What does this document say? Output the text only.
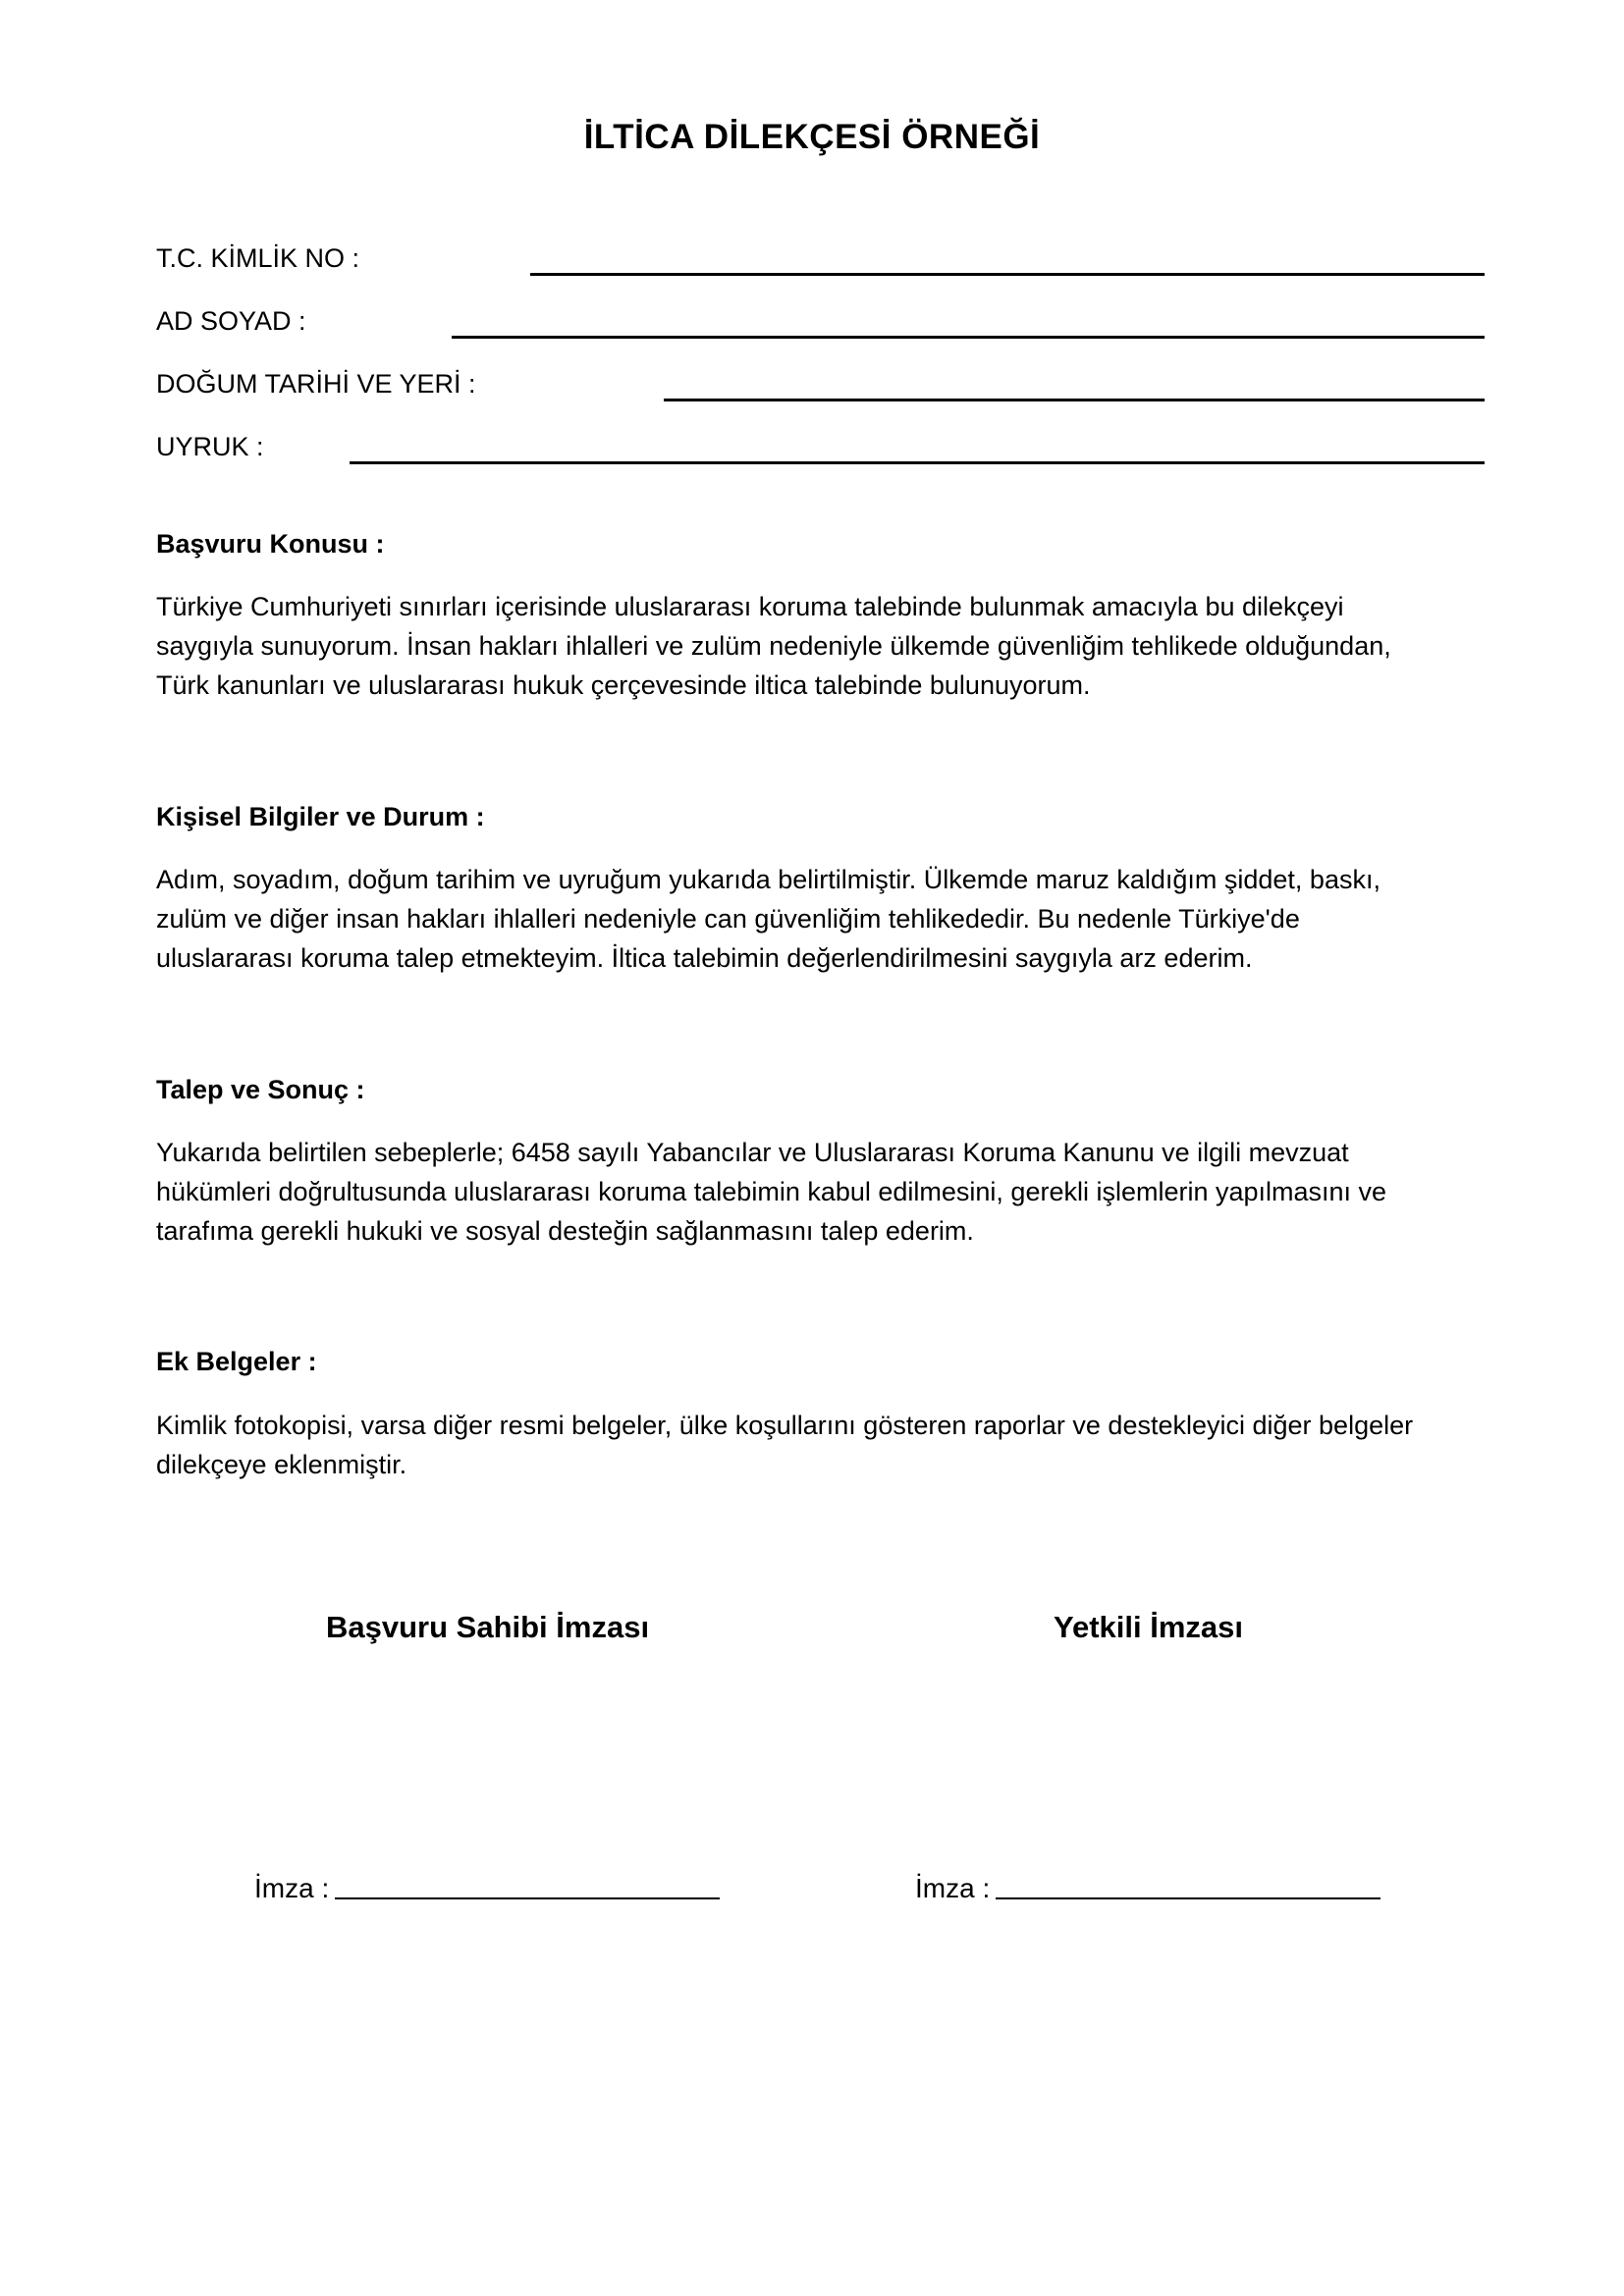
İLTİCA DİLEKÇESİ ÖRNEĞİ
T.C. KİMLİK NO :
AD SOYAD :
DOĞUM TARİHİ VE YERİ :
UYRUK :
Başvuru Konusu :
Türkiye Cumhuriyeti sınırları içerisinde uluslararası koruma talebinde bulunmak amacıyla bu dilekçeyi
saygıyla sunuyorum. İnsan hakları ihlalleri ve zulüm nedeniyle ülkemde güvenliğim tehlikede olduğundan,
Türk kanunları ve uluslararası hukuk çerçevesinde iltica talebinde bulunuyorum.
Kişisel Bilgiler ve Durum :
Adım, soyadım, doğum tarihim ve uyruğum yukarıda belirtilmiştir. Ülkemde maruz kaldığım şiddet, baskı,
zulüm ve diğer insan hakları ihlalleri nedeniyle can güvenliğim tehlikededir. Bu nedenle Türkiye'de
uluslararası koruma talep etmekteyim. İltica talebimin değerlendirilmesini saygıyla arz ederim.
Talep ve Sonuç :
Yukarıda belirtilen sebeplerle; 6458 sayılı Yabancılar ve Uluslararası Koruma Kanunu ve ilgili mevzuat
hükümleri doğrultusunda uluslararası koruma talebimin kabul edilmesini, gerekli işlemlerin yapılmasını ve
tarafıma gerekli hukuki ve sosyal desteğin sağlanmasını talep ederim.
Ek Belgeler :
Kimlik fotokopisi, varsa diğer resmi belgeler, ülke koşullarını gösteren raporlar ve destekleyici diğer belgeler
dilekçeye eklenmiştir.
Başvuru Sahibi İmzası	Yetkili İmzası
İmza :	İmza :
